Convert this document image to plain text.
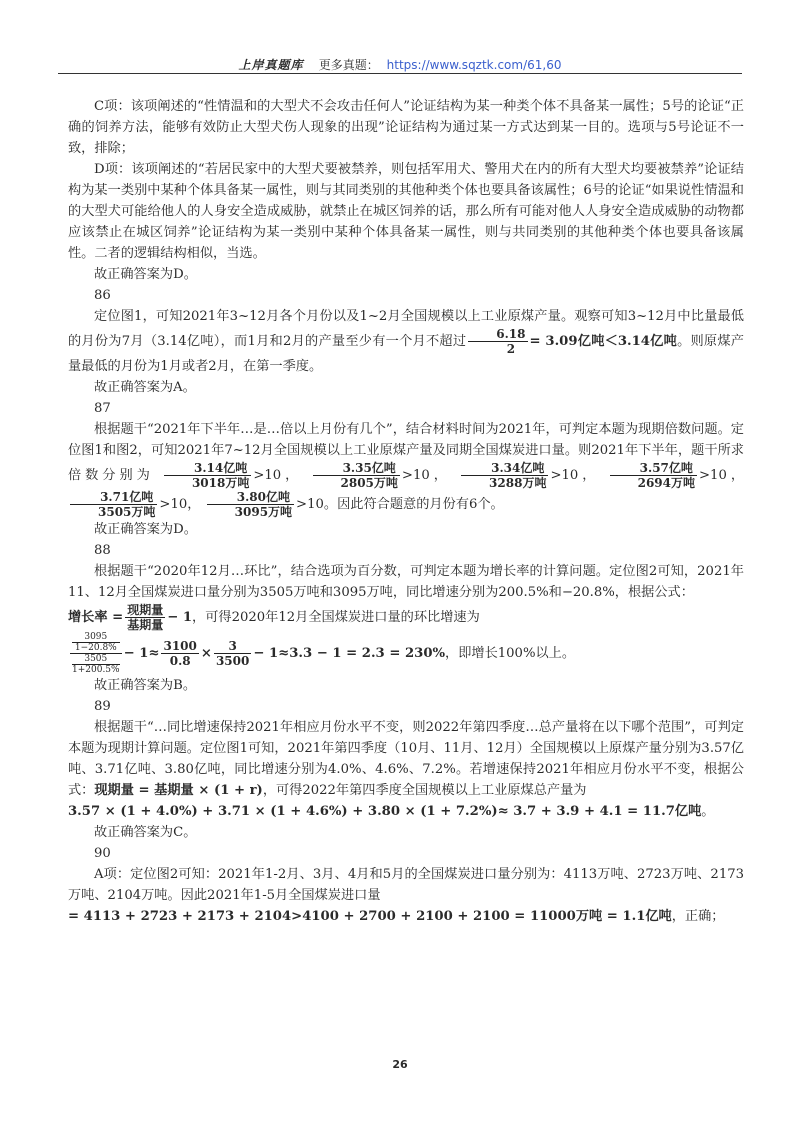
上岸真题库 更多真题： https://www.sqztk.com/61,60

C项：该项阐述的“性情温和的大型犬不会攻击任何人”论证结构为某一种类个体不具备某一属性；5号的论证“正确的饲养方法，能够有效防止大型犬伤人现象的出现”论证结构为通过某一方式达到某一目的。选项与5号论证不一致，排除；

D项：该项阐述的“若居民家中的大型犬要被禁养，则包括军用犬、警用犬在内的所有大型犬均要被禁养”论证结构为某一类别中某种个体具备某一属性，则与其同类别的其他种类个体也要具备该属性；6号的论证“如果说性情温和的大型犬可能给他人的人身安全造成威胁，就禁止在城区饲养的话，那么所有可能对他人人身安全造成威胁的动物都应该禁止在城区饲养”论证结构为某一类别中某种个体具备某一属性，则与共同类别的其他种类个体也要具备该属性。二者的逻辑结构相似，当选。

故正确答案为D。

86

定位图1，可知2021年3~12月各个月份以及1~2月全国规模以上工业原煤产量。观察可知3~12月中比量最低的月份为7月（3.14亿吨），而1月和2月的产量至少有一个月不超过 $\frac{6.18}{2} = 3.09$亿吨＜3.14亿吨。则原煤产量最低的月份为1月或者2月，在第一季度。

故正确答案为A。

87

根据题干“2021年下半年…是…倍以上月份有几个”，结合材料时间为2021年，可判定本题为现期倍数问题。定位图1和图2，可知2021年7~12月全国规模以上工业原煤产量及同期全国煤炭进口量。则2021年下半年，题干所求倍数分别为 $\frac{\text{3.14亿吨}}{\text{3018万吨}} >10$， $\frac{\text{3.35亿吨}}{\text{2805万吨}} >10$， $\frac{\text{3.34亿吨}}{\text{3288万吨}} >10$， $\frac{\text{3.57亿吨}}{\text{2694万吨}} >10$，
$\frac{\text{3.71亿吨}}{\text{3505万吨}} >10$， $\frac{\text{3.80亿吨}}{\text{3095万吨}} >10$。因此符合题意的月份有6个。

故正确答案为D。

88

根据题干“2020年12月…环比”，结合选项为百分数，可判定本题为增长率的计算问题。定位图2可知，2021年11、12月全国煤炭进口量分别为3505万吨和3095万吨，同比增速分别为200.5%和−20.8%，根据公式：

增长率 = $\frac{\text{现期量}}{\text{基期量}} - 1$，可得2020年12月全国煤炭进口量的环比增速为

3095
1−20.8%
3505
$1+200.5\% - 1\approx \frac{3100}{0.8} \times \frac{3}{3500} - 1\approx 3.3 - 1 = 2.3 = 230\%$，即增长100%以上。

故正确答案为B。

89

根据题干“…同比增速保持2021年相应月份水平不变，则2022年第四季度…总产量将在以下哪个范围”，可判定本题为现期计算问题。定位图1可知，2021年第四季度（10月、11月、12月）全国规模以上原煤产量分别为3.57亿吨、3.71亿吨、3.80亿吨，同比增速分别为4.0%、4.6%、7.2%。若增速保持2021年相应月份水平不变，根据公式：现期量 = 基期量 × (1 + r)，可得2022年第四季度全国规模以上工业原煤总产量为

3.57 × (1 + 4.0%) + 3.71 × (1 + 4.6%) + 3.80 × (1 + 7.2%)≈ 3.7 + 3.9 + 4.1 = 11.7亿吨。

故正确答案为C。

90

A项：定位图2可知：2021年1-2月、3月、4月和5月的全国煤炭进口量分别为：4113万吨、2723万吨、2173万吨、2104万吨。因此2021年1-5月全国煤炭进口量

= 4113 + 2723 + 2173 + 2104>4100 + 2700 + 2100 + 2100 = 11000万吨 = 1.1亿吨，正确；

26
